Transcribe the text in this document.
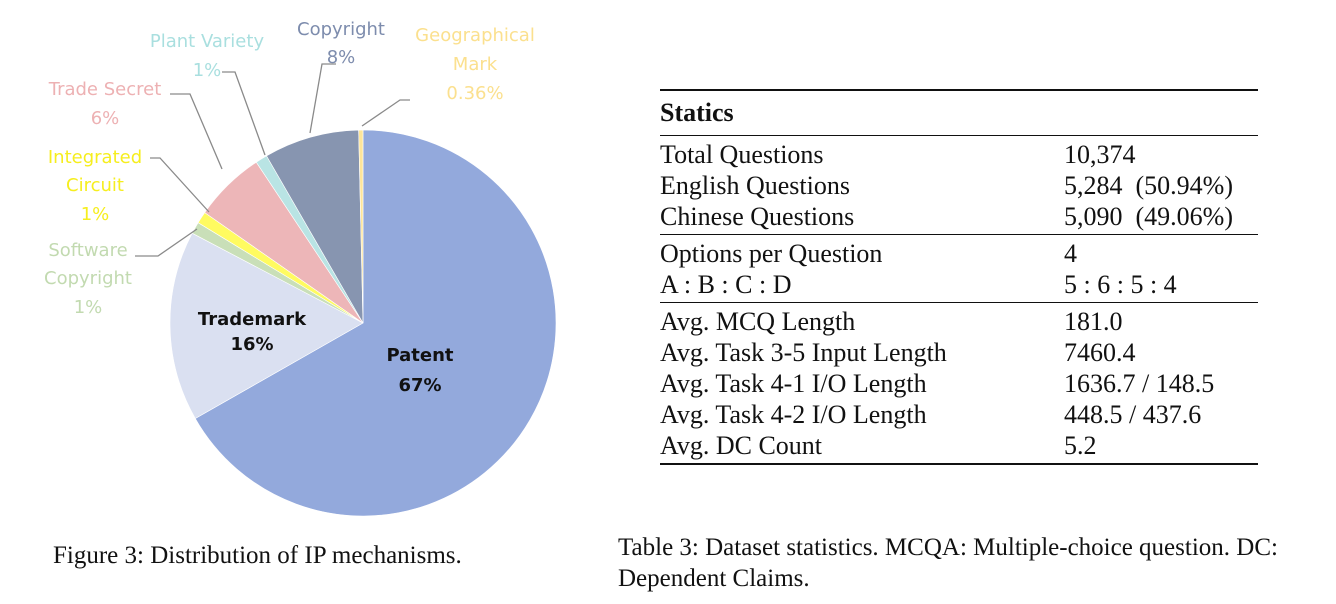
Patent
67%
Trademark
16%
Software
Copyright
1%
Integrated
Circuit
1%
Trade Secret
6%
Plant Variety
1%
Copyright
8%
Geographical
Mark
0.36%
Figure 3: Distribution of IP mechanisms.
Statics
Total Questions	10,374
English Questions	5,284  (50.94%)
Chinese Questions	5,090  (49.06%)
Options per Question	4
A : B : C : D	5 : 6 : 5 : 4
Avg. MCQ Length	181.0
Avg. Task 3-5 Input Length	7460.4
Avg. Task 4-1 I/O Length	1636.7 / 148.5
Avg. Task 4-2 I/O Length	448.5 / 437.6
Avg. DC Count	5.2
Table 3: Dataset statistics. MCQA: Multiple-choice question. DC: Dependent Claims.
